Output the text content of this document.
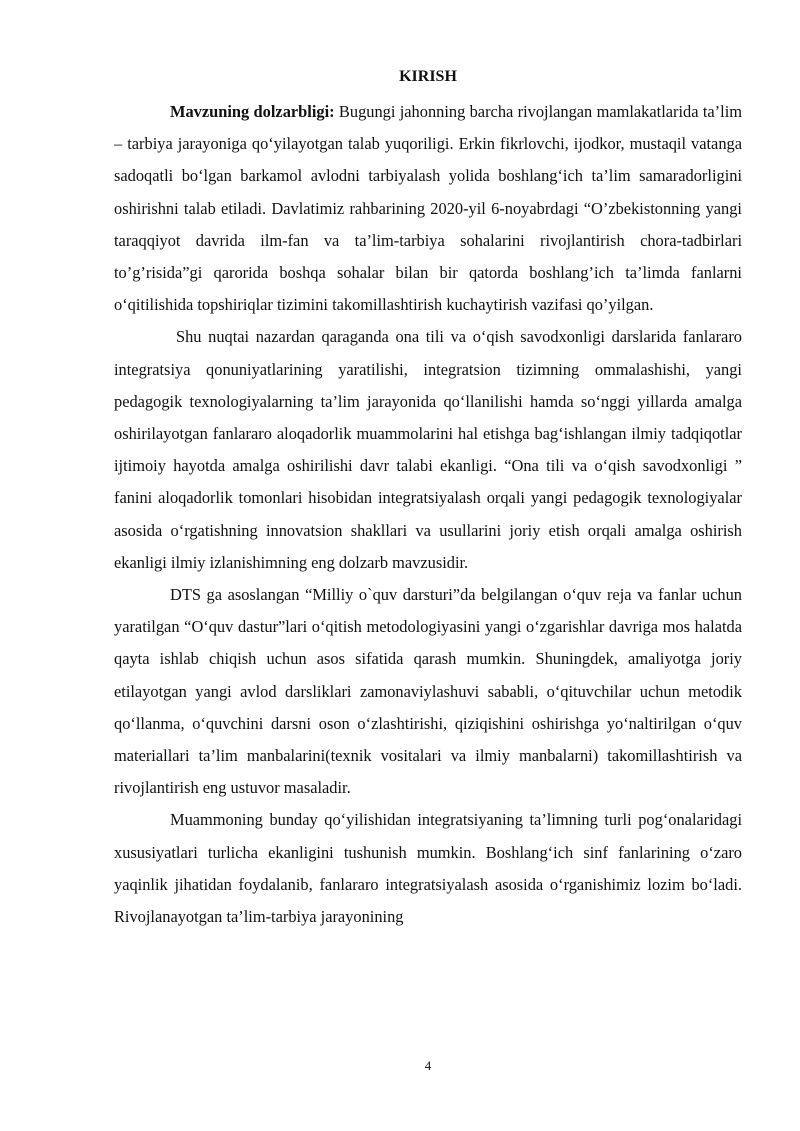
KIRISH

Mavzuning dolzarbligi: Bugungi jahonning barcha rivojlangan mamlakatlarida ta’lim – tarbiya jarayoniga qo‘yilayotgan talab yuqoriligi. Erkin fikrlovchi, ijodkor, mustaqil vatanga sadoqatli bo‘lgan barkamol avlodni tarbiyalash yolida boshlang‘ich ta’lim samaradorligini oshirishni talab etiladi. Davlatimiz rahbarining 2020-yil 6-noyabrdagi “O’zbekistonning yangi taraqqiyot davrida ilm-fan va ta’lim-tarbiya sohalarini rivojlantirish chora-tadbirlari to’g’risida”gi qarorida boshqa sohalar bilan bir qatorda boshlang’ich ta’limda fanlarni o‘qitilishida topshiriqlar tizimini takomillashtirish kuchaytirish vazifasi qo’yilgan.

Shu nuqtai nazardan qaraganda ona tili va o‘qish savodxonligi darslarida fanlararo integratsiya qonuniyatlarining yaratilishi, integratsion tizimning ommalashishi, yangi pedagogik texnologiyalarning ta’lim jarayonida qo‘llanilishi hamda so‘nggi yillarda amalga oshirilayotgan fanlararo aloqadorlik muammolarini hal etishga bag‘ishlangan ilmiy tadqiqotlar ijtimoiy hayotda amalga oshirilishi davr talabi ekanligi. “Ona tili va o‘qish savodxonligi ” fanini aloqadorlik tomonlari hisobidan integratsiyalash orqali yangi pedagogik texnologiyalar asosida o‘rgatishning innovatsion shakllari va usullarini joriy etish orqali amalga oshirish ekanligi ilmiy izlanishimning eng dolzarb mavzusidir.

DTS ga asoslangan “Milliy o`quv darsturi”da belgilangan o‘quv reja va fanlar uchun yaratilgan “O‘quv dastur”lari o‘qitish metodologiyasini yangi o‘zgarishlar davriga mos halatda qayta ishlab chiqish uchun asos sifatida qarash mumkin. Shuningdek, amaliyotga joriy etilayotgan yangi avlod darsliklari zamonaviylashuvi sababli, o‘qituvchilar uchun metodik qo‘llanma, o‘quvchini darsni oson o‘zlashtirishi, qiziqishini oshirishga yo‘naltirilgan o‘quv materiallari ta’lim manbalarini(texnik vositalari va ilmiy manbalarni) takomillashtirish va rivojlantirish eng ustuvor masaladir.

Muammoning bunday qo‘yilishidan integratsiyaning ta’limning turli pog‘onalaridagi xususiyatlari turlicha ekanligini tushunish mumkin. Boshlang‘ich sinf fanlarining o‘zaro yaqinlik jihatidan foydalanib, fanlararo integratsiyalash asosida o‘rganishimiz lozim bo‘ladi. Rivojlanayotgan ta’lim-tarbiya jarayonining

4
